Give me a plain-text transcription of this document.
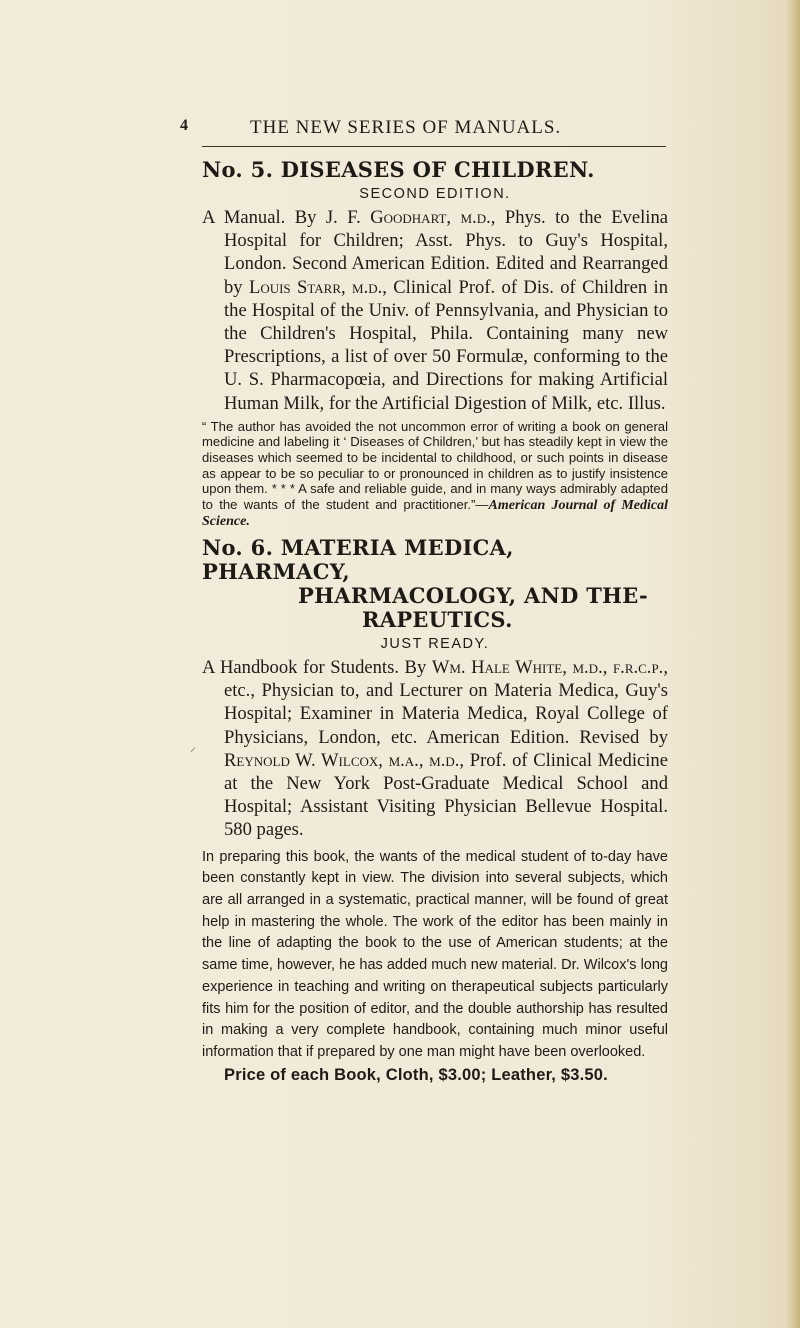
4	THE NEW SERIES OF MANUALS.
No. 5. DISEASES OF CHILDREN.
SECOND EDITION.

A Manual. By J. F. Goodhart, m.d., Phys. to the Evelina Hospital for Children; Asst. Phys. to Guy's Hospital, London. Second American Edition. Edited and Rearranged by Louis Starr, m.d., Clinical Prof. of Dis. of Children in the Hospital of the Univ. of Pennsylvania, and Physician to the Children's Hospital, Phila. Containing many new Prescriptions, a list of over 50 Formulæ, conforming to the U. S. Pharmacopœia, and Directions for making Artificial Human Milk, for the Artificial Digestion of Milk, etc. Illus.

“ The author has avoided the not uncommon error of writing a book on general medicine and labeling it ‘ Diseases of Children,’ but has steadily kept in view the diseases which seemed to be incidental to childhood, or such points in disease as appear to be so peculiar to or pronounced in children as to justify insistence upon them. * * * A safe and reliable guide, and in many ways admirably adapted to the wants of the student and practitioner.”—American Journal of Medical Science.

No. 6. MATERIA MEDICA, PHARMACY,
PHARMACOLOGY, AND THE-
RAPEUTICS.
JUST READY.

A Handbook for Students. By Wm. Hale White, m.d., f.r.c.p., etc., Physician to, and Lecturer on Materia Medica, Guy's Hospital; Examiner in Materia Medica, Royal College of Physicians, London, etc. American Edition. Revised by Reynold W. Wilcox, m.a., m.d., Prof. of Clinical Medicine at the New York Post-Graduate Medical School and Hospital; Assistant Visiting Physician Bellevue Hospital. 580 pages.

In preparing this book, the wants of the medical student of to-day have been constantly kept in view. The division into several subjects, which are all arranged in a systematic, practical manner, will be found of great help in mastering the whole. The work of the editor has been mainly in the line of adapting the book to the use of American students; at the same time, however, he has added much new material. Dr. Wilcox's long experience in teaching and writing on therapeutical subjects particularly fits him for the position of editor, and the double authorship has resulted in making a very complete handbook, containing much minor useful information that if prepared by one man might have been overlooked.

Price of each Book, Cloth, $3.00; Leather, $3.50.

⸝
